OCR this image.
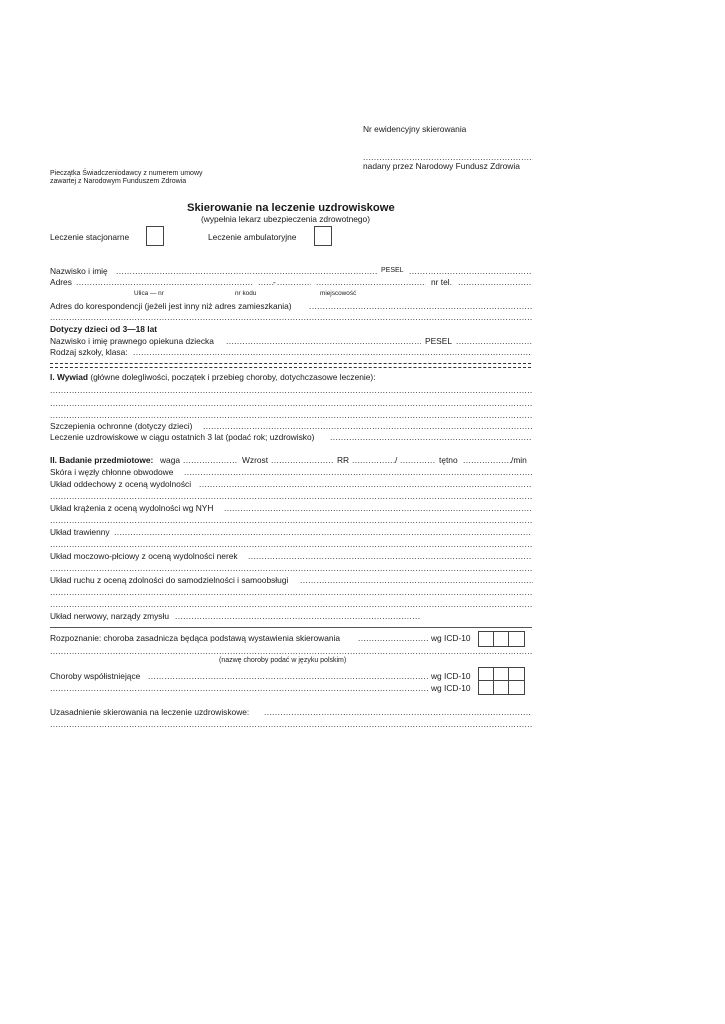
Nr ewidencyjny skierowania
.....
nadany przez Narodowy Fundusz Zdrowia
Pieczątka Świadczeniodawcy z numerem umowy
zawartej z Narodowym Funduszem Zdrowia
Skierowanie na leczenie uzdrowiskowe
(wypełnia lekarz ubezpieczenia zdrowotnego)
Leczenie stacjonarne	Leczenie ambulatoryjne
Nazwisko i imię .....	PESEL
.....
Adres ..... .....	- ..... .....	nr tel.
.....
Ulica — nr	nr kodu	miejscowość
Adres do korespondencji (jeżeli jest inny niż adres zamieszkania)
.....
.....
Dotyczy dzieci od 3—18 lat
Nazwisko i imię prawnego opiekuna dziecka .....	PESEL
.....
Rodzaj szkoły, klasa:
.....
I. Wywiad (główne dolegliwości, początek i przebieg choroby, dotychczasowe leczenie):
.....
.....
.....
Szczepienia ochronne (dotyczy dzieci)
.....
Leczenie uzdrowiskowe w ciągu ostatnich 3 lat (podać rok; uzdrowisko)
.....
II. Badanie przedmiotowe: waga .....	Wzrost .....	RR .....	/ .....	tętno .....	/min
Skóra i węzły chłonne obwodowe
.....
Układ oddechowy z oceną wydolności
.....
.....
Układ krążenia z oceną wydolności wg NYH
.....
.....
Układ trawienny
.....
.....
Układ moczowo-płciowy z oceną wydolności nerek
.....
.....
Układ ruchu z oceną zdolności do samodzielności i samoobsługi
.....
.....
.....
Układ nerwowy, narządy zmysłu
.....
Rozpoznanie: choroba zasadnicza będąca podstawą wystawienia skierowania .....	wg ICD-10
.....
(nazwę choroby podać w języku polskim)
Choroby współistniejące .....	wg ICD-10
.....
wg ICD-10
Uzasadnienie skierowania na leczenie uzdrowiskowe:
.....
.....
